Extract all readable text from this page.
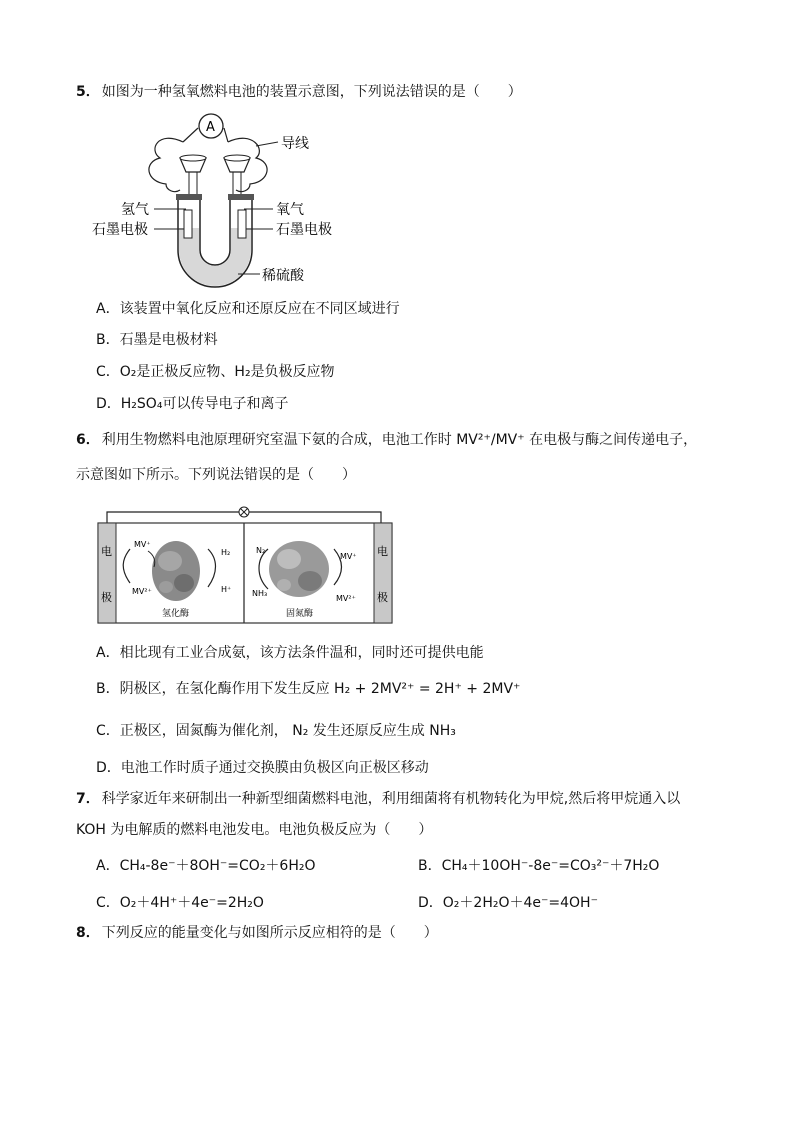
5． 如图为一种氢氧燃料电池的装置示意图，下列说法错误的是（　　）
A
导线
氢气
石墨电极
氧气
石墨电极
稀硫酸
A．该装置中氧化反应和还原反应在不同区域进行
B．石墨是电极材料
C．O₂是正极反应物、H₂是负极反应物
D．H₂SO₄可以传导电子和离子
6． 利用生物燃料电池原理研究室温下氨的合成，电池工作时 MV²⁺/MV⁺ 在电极与酶之间传递电子，
示意图如下所示。下列说法错误的是（　　）
电
极
电
极
MV⁺
MV²⁺
H₂
H⁺
氢化酶
N₂
NH₃
MV⁺
MV²⁺
固氮酶
A．相比现有工业合成氨，该方法条件温和，同时还可提供电能
B．阴极区，在氢化酶作用下发生反应 H₂ + 2MV²⁺ = 2H⁺ + 2MV⁺
C．正极区，固氮酶为催化剂， N₂ 发生还原反应生成 NH₃
D．电池工作时质子通过交换膜由负极区向正极区移动
7． 科学家近年来研制出一种新型细菌燃料电池，利用细菌将有机物转化为甲烷,然后将甲烷通入以
KOH 为电解质的燃料电池发电。电池负极反应为（　　）
A．CH₄-8e⁻＋8OH⁻=CO₂＋6H₂O	B．CH₄＋10OH⁻-8e⁻=CO₃²⁻＋7H₂O
C．O₂＋4H⁺＋4e⁻=2H₂O	D．O₂＋2H₂O＋4e⁻=4OH⁻
8． 下列反应的能量变化与如图所示反应相符的是（　　）
